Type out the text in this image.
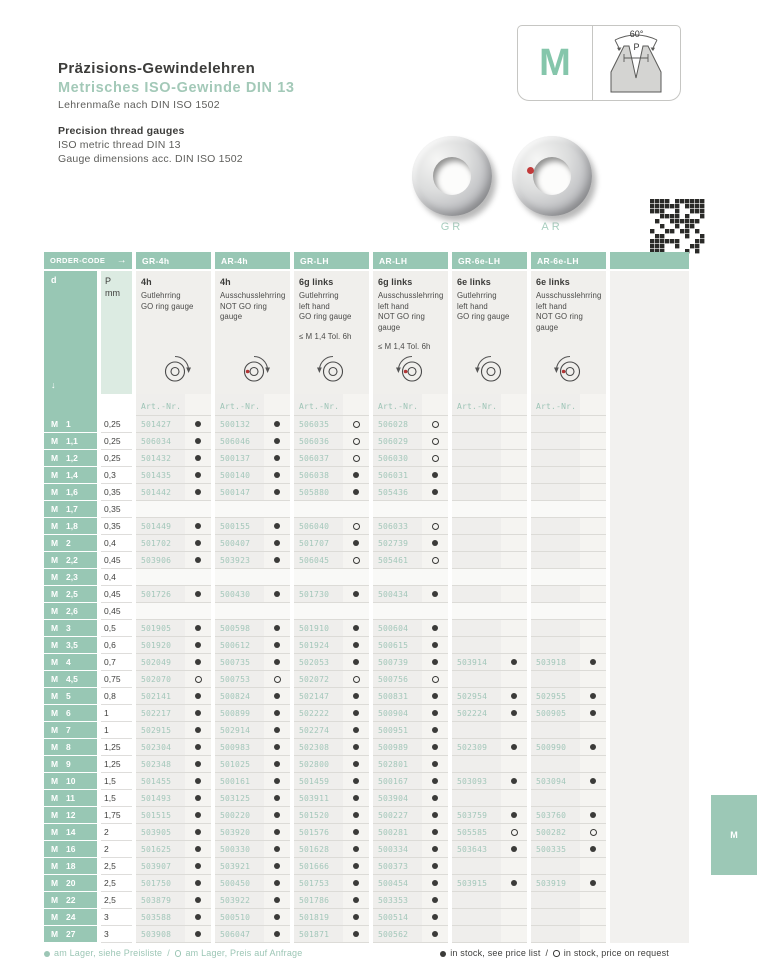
Präzisions-Gewindelehren
Metrisches ISO-Gewinde DIN 13
Lehrenmaße nach DIN ISO 1502
Precision thread gauges
ISO metric thread DIN 13
Gauge dimensions acc. DIN ISO 1502
M
60°
P
GR	AR
ORDER-CODE →	GR-4h	AR-4h	GR-LH	AR-LH	GR-6e-LH	AR-6e-LH
d
↓
P
mm
4h
Gutlehrring
GO ring gauge
4h
Ausschusslehrring
NOT GO ring gauge
6g links
Gutlehrring
left hand
GO ring gauge
≤ M 1,4 Tol. 6h
6g links
Ausschusslehrring
left hand
NOT GO ring gauge
≤ M 1,4 Tol. 6h
6e links
Gutlehrring
left hand
GO ring gauge
6e links
Ausschusslehrring
left hand
NOT GO ring gauge
Art.-Nr.	Art.-Nr.	Art.-Nr.	Art.-Nr.	Art.-Nr.	Art.-Nr.
M 1	0,25	501427	500132	506035	506028
M 1,1	0,25	506034	506046	506036	506029
M 1,2	0,25	501432	500137	506037	506030
M 1,4	0,3	501435	500140	506038	506031
M 1,6	0,35	501442	500147	505880	505436
M 1,7	0,35
M 1,8	0,35	501449	500155	506040	506033
M 2	0,4	501702	500407	501707	502739
M 2,2	0,45	503906	503923	506045	505461
M 2,3	0,4
M 2,5	0,45	501726	500430	501730	500434
M 2,6	0,45
M 3	0,5	501905	500598	501910	500604
M 3,5	0,6	501920	500612	501924	500615
M 4	0,7	502049	500735	502053	500739	503914	503918
M 4,5	0,75	502070	500753	502072	500756
M 5	0,8	502141	500824	502147	500831	502954	502955
M 6	1	502217	500899	502222	500904	502224	500905
M 7	1	502915	502914	502274	500951
M 8	1,25	502304	500983	502308	500989	502309	500990
M 9	1,25	502348	501025	502800	502801
M 10	1,5	501455	500161	501459	500167	503093	503094
M 11	1,5	501493	503125	503911	503904
M 12	1,75	501515	500220	501520	500227	503759	503760
M 14	2	503905	503920	501576	500281	505585	500282
M 16	2	501625	500330	501628	500334	503643	500335
M 18	2,5	503907	503921	501666	500373
M 20	2,5	501750	500450	501753	500454	503915	503919
M 22	2,5	503879	503922	501786	503353
M 24	3	503588	500510	501819	500514
M 27	3	503908	506047	501871	500562
am Lager, siehe Preisliste / am Lager, Preis auf Anfrage	in stock, see price list / in stock, price on request
M
